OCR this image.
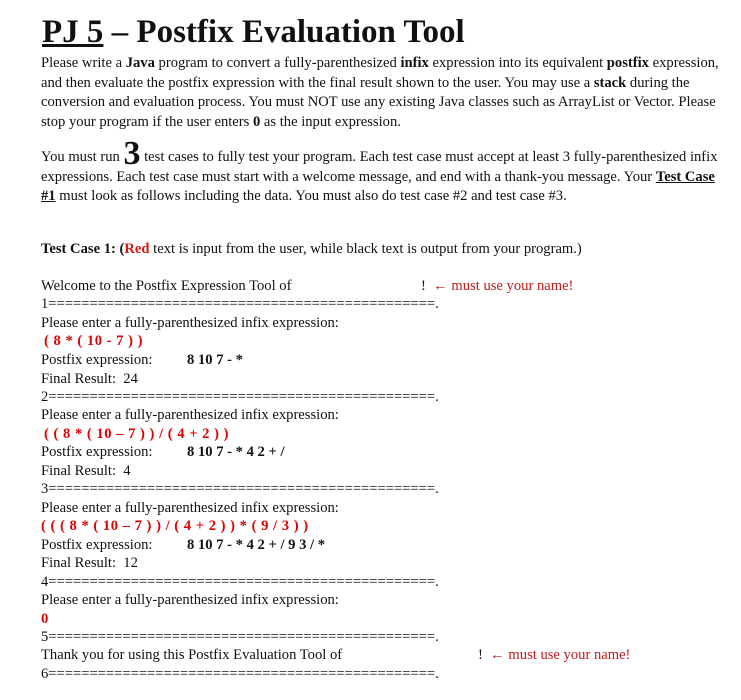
PJ 5 – Postfix Evaluation Tool
Please write a Java program to convert a fully-parenthesized infix expression into its equivalent postfix expression, and then evaluate the postfix expression with the final result shown to the user. You may use a stack during the conversion and evaluation process. You must NOT use any existing Java classes such as ArrayList or Vector. Please stop your program if the user enters 0 as the input expression.
You must run 3 test cases to fully test your program. Each test case must accept at least 3 fully-parenthesized infix expressions. Each test case must start with a welcome message, and end with a thank-you message. Your Test Case #1 must look as follows including the data. You must also do test case #2 and test case #3.
Test Case 1: (Red text is input from the user, while black text is output from your program.)
Welcome to the Postfix Expression Tool of	! ← must use your name!
1===============================================.
Please enter a fully-parenthesized infix expression:
( 8 * ( 10 - 7 ) )
Postfix expression: 8 10 7 - *
Final Result: 24
2===============================================.
Please enter a fully-parenthesized infix expression:
( ( 8 * ( 10 – 7 ) ) / ( 4 + 2 ) )
Postfix expression: 8 10 7 - * 4 2 + /
Final Result: 4
3===============================================.
Please enter a fully-parenthesized infix expression:
( ( ( 8 * ( 10 – 7 ) ) / ( 4 + 2 ) ) * ( 9 / 3 ) )
Postfix expression: 8 10 7 - * 4 2 + / 9 3 / *
Final Result: 12
4===============================================.
Please enter a fully-parenthesized infix expression:
0
5===============================================.
Thank you for using this Postfix Evaluation Tool of	! ← must use your name!
6===============================================.
